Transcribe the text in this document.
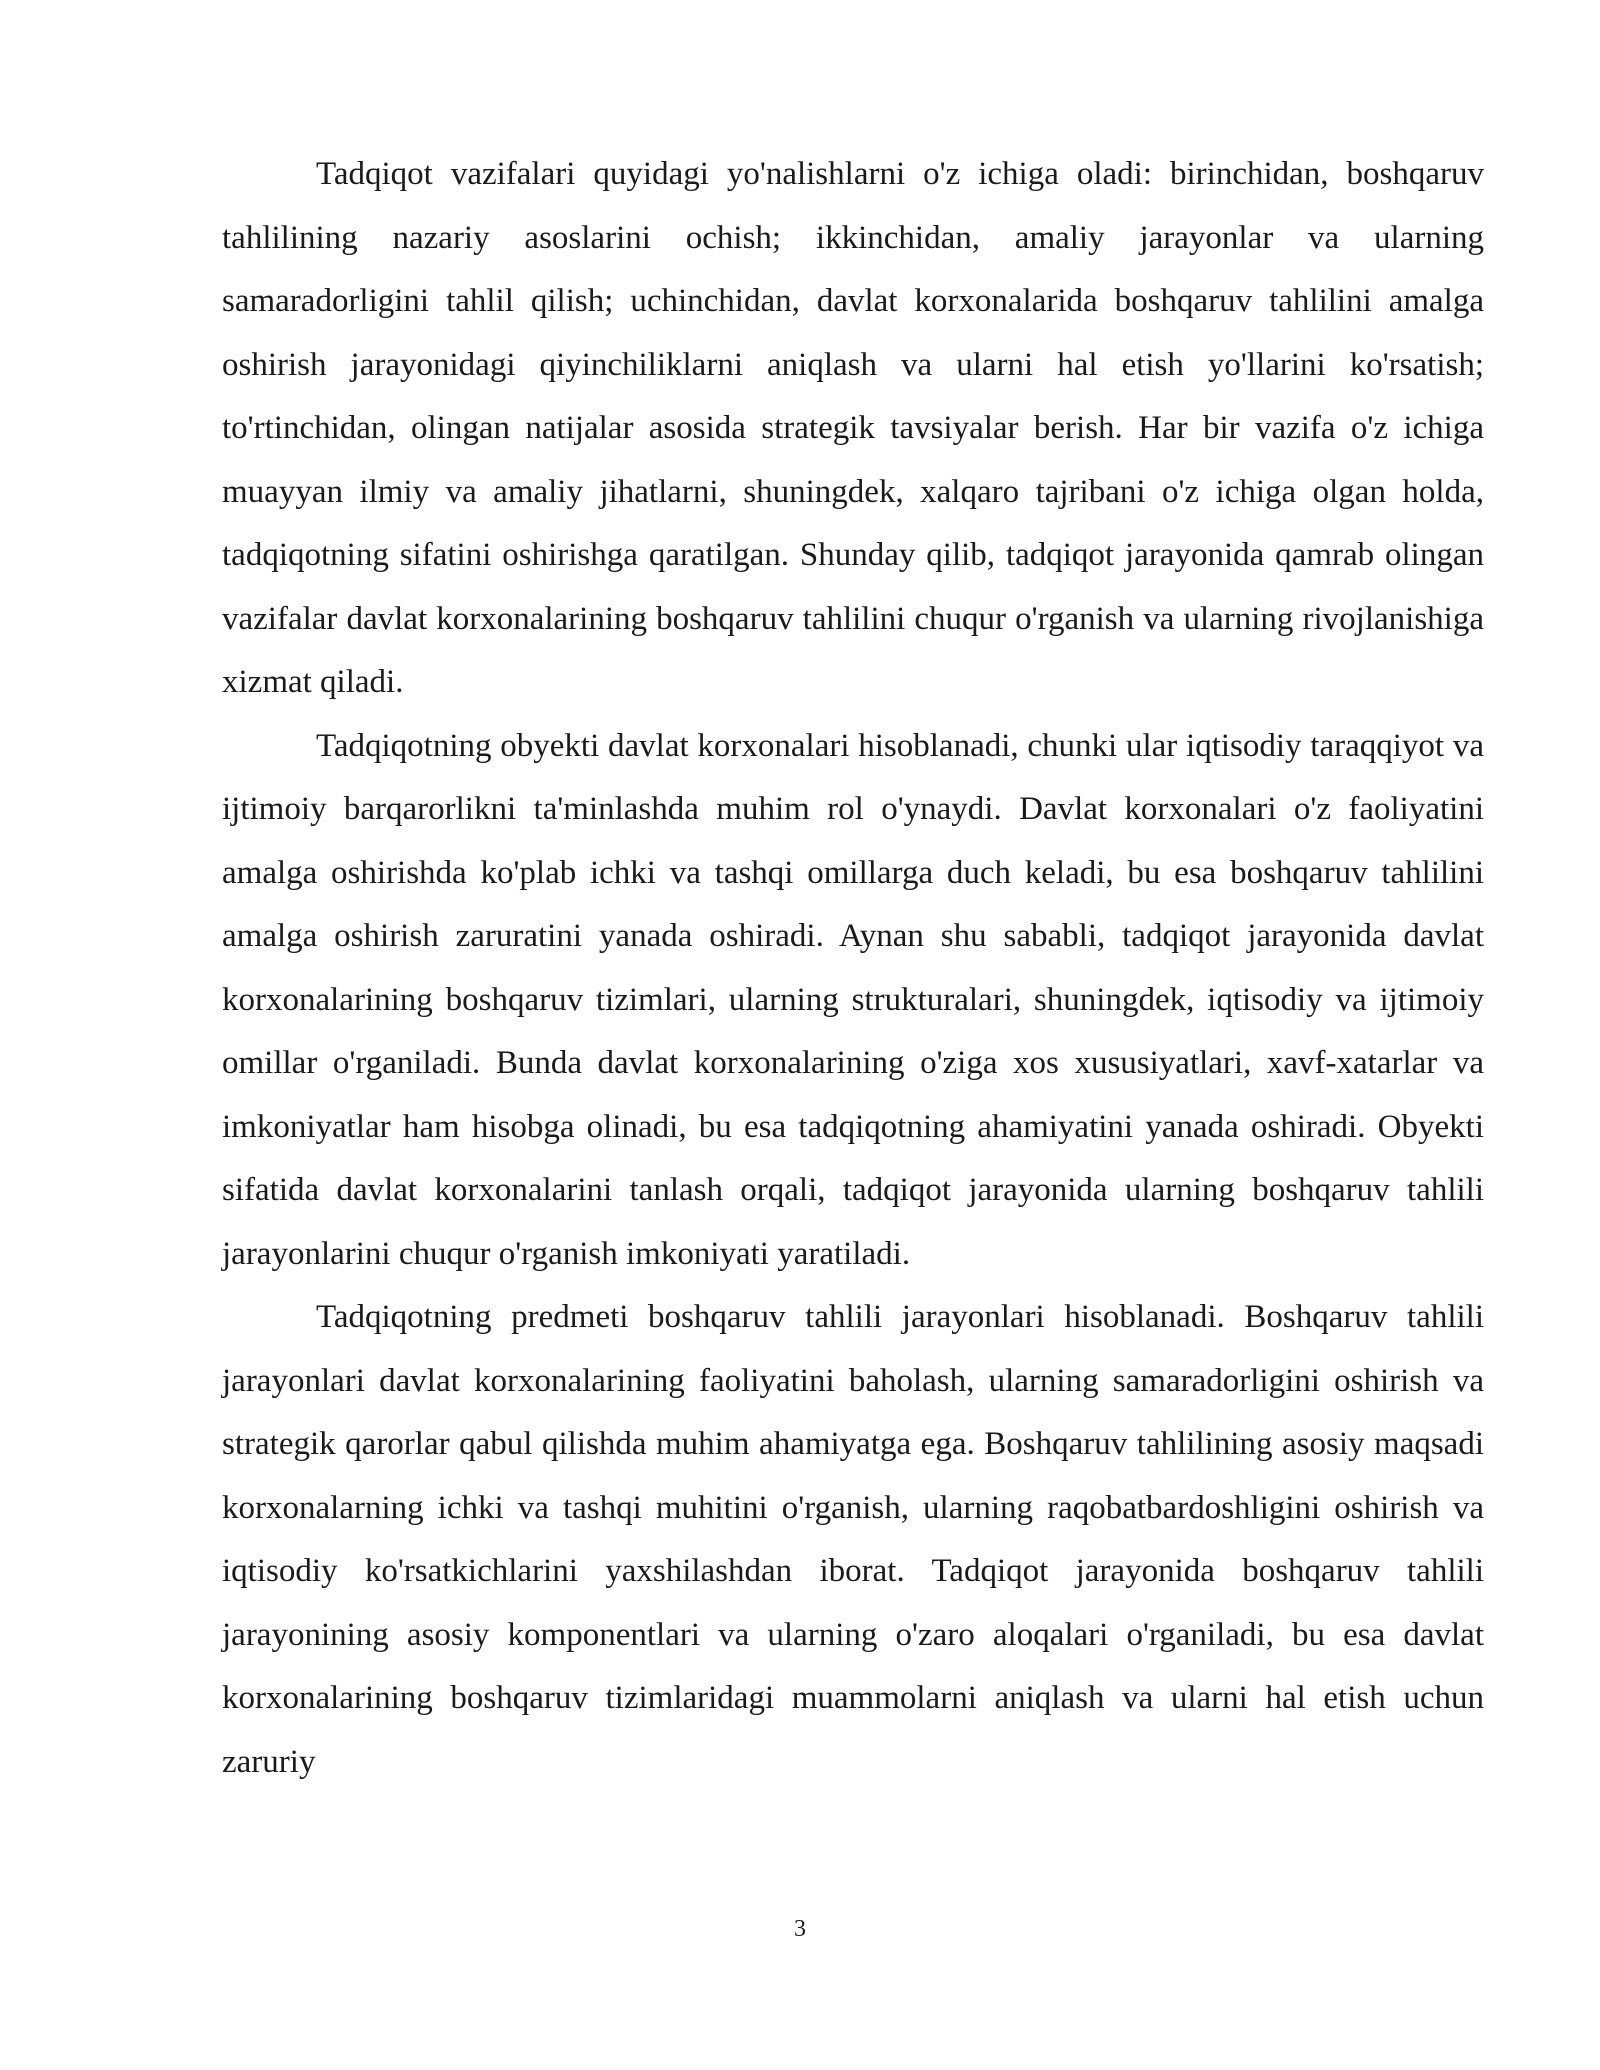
Tadqiqot vazifalari quyidagi yo'nalishlarni o'z ichiga oladi: birinchidan, boshqaruv tahlilining nazariy asoslarini ochish; ikkinchidan, amaliy jarayonlar va ularning samaradorligini tahlil qilish; uchinchidan, davlat korxonalarida boshqaruv tahlilini amalga oshirish jarayonidagi qiyinchiliklarni aniqlash va ularni hal etish yo'llarini ko'rsatish; to'rtinchidan, olingan natijalar asosida strategik tavsiyalar berish. Har bir vazifa o'z ichiga muayyan ilmiy va amaliy jihatlarni, shuningdek, xalqaro tajribani o'z ichiga olgan holda, tadqiqotning sifatini oshirishga qaratilgan. Shunday qilib, tadqiqot jarayonida qamrab olingan vazifalar davlat korxonalarining boshqaruv tahlilini chuqur o'rganish va ularning rivojlanishiga xizmat qiladi.

Tadqiqotning obyekti davlat korxonalari hisoblanadi, chunki ular iqtisodiy taraqqiyot va ijtimoiy barqarorlikni ta'minlashda muhim rol o'ynaydi. Davlat korxonalari o'z faoliyatini amalga oshirishda ko'plab ichki va tashqi omillarga duch keladi, bu esa boshqaruv tahlilini amalga oshirish zaruratini yanada oshiradi. Aynan shu sababli, tadqiqot jarayonida davlat korxonalarining boshqaruv tizimlari, ularning strukturalari, shuningdek, iqtisodiy va ijtimoiy omillar o'rganiladi. Bunda davlat korxonalarining o'ziga xos xususiyatlari, xavf-xatarlar va imkoniyatlar ham hisobga olinadi, bu esa tadqiqotning ahamiyatini yanada oshiradi. Obyekti sifatida davlat korxonalarini tanlash orqali, tadqiqot jarayonida ularning boshqaruv tahlili jarayonlarini chuqur o'rganish imkoniyati yaratiladi.

Tadqiqotning predmeti boshqaruv tahlili jarayonlari hisoblanadi. Boshqaruv tahlili jarayonlari davlat korxonalarining faoliyatini baholash, ularning samaradorligini oshirish va strategik qarorlar qabul qilishda muhim ahamiyatga ega. Boshqaruv tahlilining asosiy maqsadi korxonalarning ichki va tashqi muhitini o'rganish, ularning raqobatbardoshligini oshirish va iqtisodiy ko'rsatkichlarini yaxshilashdan iborat. Tadqiqot jarayonida boshqaruv tahlili jarayonining asosiy komponentlari va ularning o'zaro aloqalari o'rganiladi, bu esa davlat korxonalarining boshqaruv tizimlaridagi muammolarni aniqlash va ularni hal etish uchun zaruriy

3
